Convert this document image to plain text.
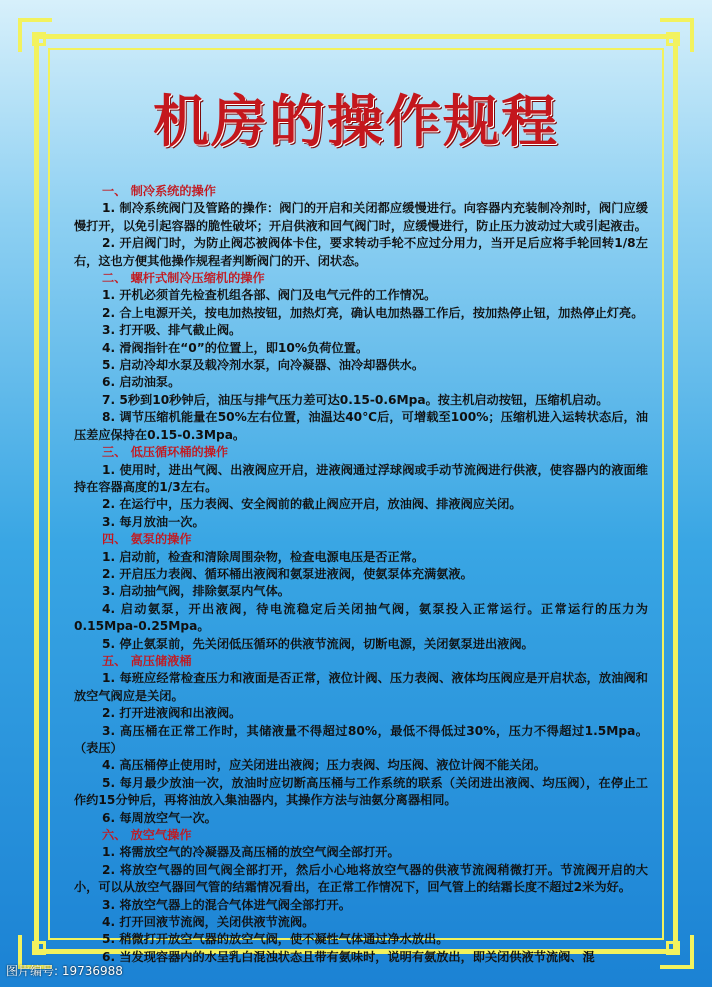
机房的操作规程
一、 制冷系统的操作
1. 制冷系统阀门及管路的操作：阀门的开启和关闭都应缓慢进行。向容器内充装制冷剂时，阀门应缓慢打开，以免引起容器的脆性破坏；开启供液和回气阀门时，应缓慢进行，防止压力波动过大或引起液击。
2. 开启阀门时，为防止阀芯被阀体卡住，要求转动手轮不应过分用力，当开足后应将手轮回转1/8左右，这也方便其他操作规程者判断阀门的开、闭状态。
二、 螺杆式制冷压缩机的操作
1. 开机必须首先检查机组各部、阀门及电气元件的工作情况。
2. 合上电源开关，按电加热按钮，加热灯亮，确认电加热器工作后，按加热停止钮，加热停止灯亮。
3. 打开吸、排气截止阀。
4. 滑阀指针在“0”的位置上，即10%负荷位置。
5. 启动冷却水泵及载冷剂水泵，向冷凝器、油冷却器供水。
6. 启动油泵。
7. 5秒到10秒钟后，油压与排气压力差可达0.15-0.6Mpa。按主机启动按钮，压缩机启动。
8. 调节压缩机能量在50%左右位置，油温达40℃后，可增载至100%；压缩机进入运转状态后，油压差应保持在0.15-0.3Mpa。
三、 低压循环桶的操作
1. 使用时，进出气阀、出液阀应开启，进液阀通过浮球阀或手动节流阀进行供液，使容器内的液面维持在容器高度的1/3左右。
2. 在运行中，压力表阀、安全阀前的截止阀应开启，放油阀、排液阀应关闭。
3. 每月放油一次。
四、 氨泵的操作
1. 启动前，检查和清除周围杂物，检查电源电压是否正常。
2. 开启压力表阀、循环桶出液阀和氨泵进液阀，使氨泵体充满氨液。
3. 启动抽气阀，排除氨泵内气体。
4. 启动氨泵，开出液阀，待电流稳定后关闭抽气阀，氨泵投入正常运行。正常运行的压力为0.15Mpa-0.25Mpa。
5. 停止氨泵前，先关闭低压循环的供液节流阀，切断电源，关闭氨泵进出液阀。
五、 高压储液桶
1. 每班应经常检查压力和液面是否正常，液位计阀、压力表阀、液体均压阀应是开启状态，放油阀和放空气阀应是关闭。
2. 打开进液阀和出液阀。
3. 高压桶在正常工作时，其储液量不得超过80%，最低不得低过30%，压力不得超过1.5Mpa。（表压）
4. 高压桶停止使用时，应关闭进出液阀；压力表阀、均压阀、液位计阀不能关闭。
5. 每月最少放油一次，放油时应切断高压桶与工作系统的联系（关闭进出液阀、均压阀），在停止工作约15分钟后，再将油放入集油器内，其操作方法与油氨分离器相同。
6. 每周放空气一次。
六、 放空气操作
1. 将需放空气的冷凝器及高压桶的放空气阀全部打开。
2. 将放空气器的回气阀全部打开，然后小心地将放空气器的供液节流阀稍微打开。节流阀开启的大小，可以从放空气器回气管的结霜情况看出，在正常工作情况下，回气管上的结霜长度不超过2米为好。
3. 将放空气器上的混合气体进气阀全部打开。
4. 打开回液节流阀，关闭供液节流阀。
5. 稍微打开放空气器的放空气阀，使不凝性气体通过净水放出。
6. 当发现容器内的水呈乳白混浊状态且带有氨味时，说明有氨放出，即关闭供液节流阀、混
图片编号: 19736988
